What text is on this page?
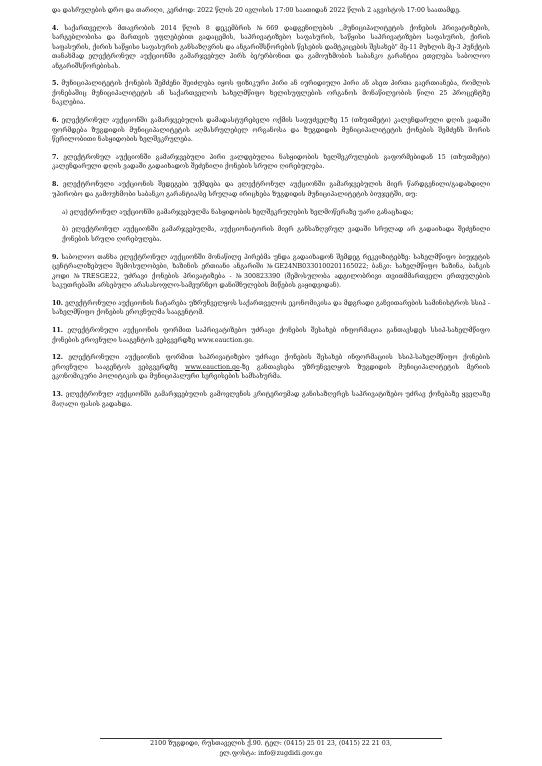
და დასრულების დრო და თარიღი, კერძოდ: 2022 წლის 20 ივლისის 17:00 საათიდან 2022 წლის 2 აგვისტოს 17:00 საათამდე.

4. საქართველოს მთავრობის 2014 წლის 8 დეკემბრის №669 დადგენილების ,,მუნიციპალიტეტის ქონების პრივატიზების, სარგებლობისა და მართვის უფლებებით გადაცემის, საპრივატიზებო საფასურის, საწყისი საპრივატიზებო საფასურის, ქირის საფასურის, ქირის საწყისი საფასურის განსაზღვრის და ანგარიშსწორების წესების დამტკიცების შესახებ" მე-11 მუხლის მე-3 პუნქტის თანახმად ელექტრონულ აუქციონში გამარჯვებულ პირს ბე/ურბონით და გამოუხმობის საბანკო გარანტია ეთვლება საბოლოო ანგარიშსწორებისას.

5. მუნიციპალიტეტის ქონების შემძენი შეიძლება იყოს ფიზიკური პირი ან იურიდიული პირი ან ასეთ პირთა გაერთიანება, რომლის ქონებაშიც მუნიციპალიტეტის ან საქართველოს სახელმწიფო ხელისუფლების ორგანოს მონაწილეობის წილი 25 პროცენტზე ნაკლებია.

6. ელექტრონულ აუქციონში გამარჯვებულის დამადასტურებელი ოქმის საფუძველზე 15 (თხუთმეტი) კალენდარული დღის ვადაში ფორმდება ზუგდიდის მუნიციპალიტეტის აღმასრულებელ ორგანოსა და ზუგდიდის მუნიციპალიტეტის ქონების შემძენს შორის წერილობითი ნასყიდობის ხელშეკრულება.

7. ელექტრონულ აუქციონში გამარჯვებული პირი ვალდებულია ნასყიდობის ხელშეკრულების გაფორმებიდან 15 (თხუთმეტი) კალენდარული დღის ვადაში გადაიხადოს შეძენილი ქონების სრული ღირებულება.

8. ელექტრონული აუქციონის შედეგები უქმდება და ელექტრონულ აუქციონში გამარჯვებულის მიერ წარდგენილი/გადახდილი უპირობო და გამოუხმობი საბანკო გარანტია/ბე სრულად ირიცხება ზუგდიდის მუნიციპალიტეტის ბიუჯეტში, თუ:

ა) ელექტრონულ აუქციონში გამარჯვებულმა ნასყიდობის ხელშეკრულების ხელმოწერაზე უარი განაცხადა;

ბ) ელექტრონულ აუქციონში გამარჯვებულმა, აუქციონატორის მიერ განსაზღვრულ ვადაში სრულად არ გადაიხადა შეძენილი ქონების სრული ღირებულება.

9. საბოლოო თანხა ელექტრონულ აუქციონში მონაწილე პირებმა უნდა გადაიხადონ შემდეგ რეკვიზიტებზე: სახელმწიფო ბიუჯეტის ცენტრალიზებული შემოსულობები, ხაზინის ერთიანი ანგარიში №GE24NB0330100201165022; ბანკი: სახელმწიფო ხაზინა, ბანკის კოდი №TRESGE22, უძრავი ქონების პრივატიზება - №300823390 (შემოსულობა ადგილობრივი თვითმმართველი ერთეულების საკუთრებაში არსებული არასასოფლო-სამეურნეო დანიშნულების მიწების გაყიდვიდან).

10. ელექტრონული აუქციონის ჩატარება უზრუნველყოს საქართველოს ეკონომიკისა და მდგრადი განვითარების სამინისტროს სსიპ - სახელმწიფო ქონების ეროვნულმა სააგენტომ.

11. ელექტრონული აუქციონის ფორმით საპრივატიზებო უძრავი ქონების შესახებ ინფორმაცია განთავსდეს სსიპ-სახელმწიფო ქონების ეროვნული სააგენტოს ვებგვერდზე www.eauction.ge.

12. ელექტრონული აუქციონის ფორმით საპრივატიზებო უძრავი ქონების შესახებ ინფორმაციის სსიპ-სახელმწიფო ქონების ეროვნული სააგენტოს ვებგვერდზე www.eauction.ge-ზე განთავსება უზრუნველყოს ზუგდიდის მუნიციპალიტეტის მერიის ეკონომიკური პოლიტიკის და მუნიციპალური სერვისების სამსახურმა.

13. ელექტრონულ აუქციონში გამარჯვებულის გამოვლენის კრიტერიუმად განისაზღვრეს საპრივატიზებო უძრავ ქონებაზე ყველაზე მაღალი ფასის გადახდა.

2100 ზუგდიდი, რუსთაველის ქ.90. ტელ: (0415) 25 01 23, (0415) 22 21 03,
ელ.ფოსტა: info@zugdidi.gov.ge
